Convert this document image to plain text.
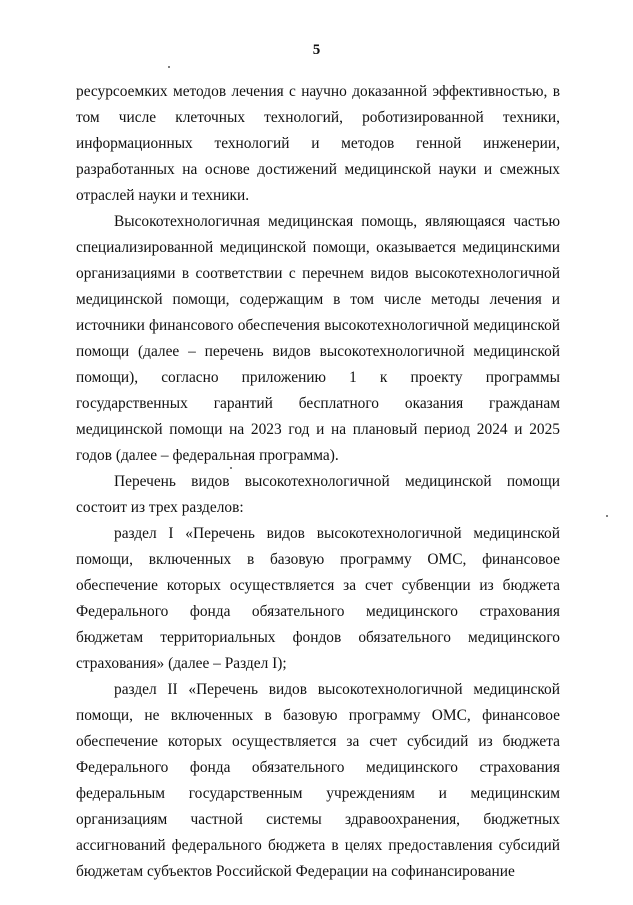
5

ресурсоемких методов лечения с научно доказанной эффективностью, в том числе клеточных технологий, роботизированной техники, информационных технологий и методов генной инженерии, разработанных на основе достижений медицинской науки и смежных отраслей науки и техники.

Высокотехнологичная медицинская помощь, являющаяся частью специализированной медицинской помощи, оказывается медицинскими организациями в соответствии с перечнем видов высокотехнологичной медицинской помощи, содержащим в том числе методы лечения и источники финансового обеспечения высокотехнологичной медицинской помощи (далее – перечень видов высокотехнологичной медицинской помощи), согласно приложению 1 к проекту программы государственных гарантий бесплатного оказания гражданам медицинской помощи на 2023 год и на плановый период 2024 и 2025 годов (далее – федеральная программа).

Перечень видов высокотехнологичной медицинской помощи состоит из трех разделов:

раздел I «Перечень видов высокотехнологичной медицинской помощи, включенных в базовую программу ОМС, финансовое обеспечение которых осуществляется за счет субвенции из бюджета Федерального фонда обязательного медицинского страхования бюджетам территориальных фондов обязательного медицинского страхования» (далее – Раздел I);

раздел II «Перечень видов высокотехнологичной медицинской помощи, не включенных в базовую программу ОМС, финансовое обеспечение которых осуществляется за счет субсидий из бюджета Федерального фонда обязательного медицинского страхования федеральным государственным учреждениям и медицинским организациям частной системы здравоохранения, бюджетных ассигнований федерального бюджета в целях предоставления субсидий бюджетам субъектов Российской Федерации на софинансирование
